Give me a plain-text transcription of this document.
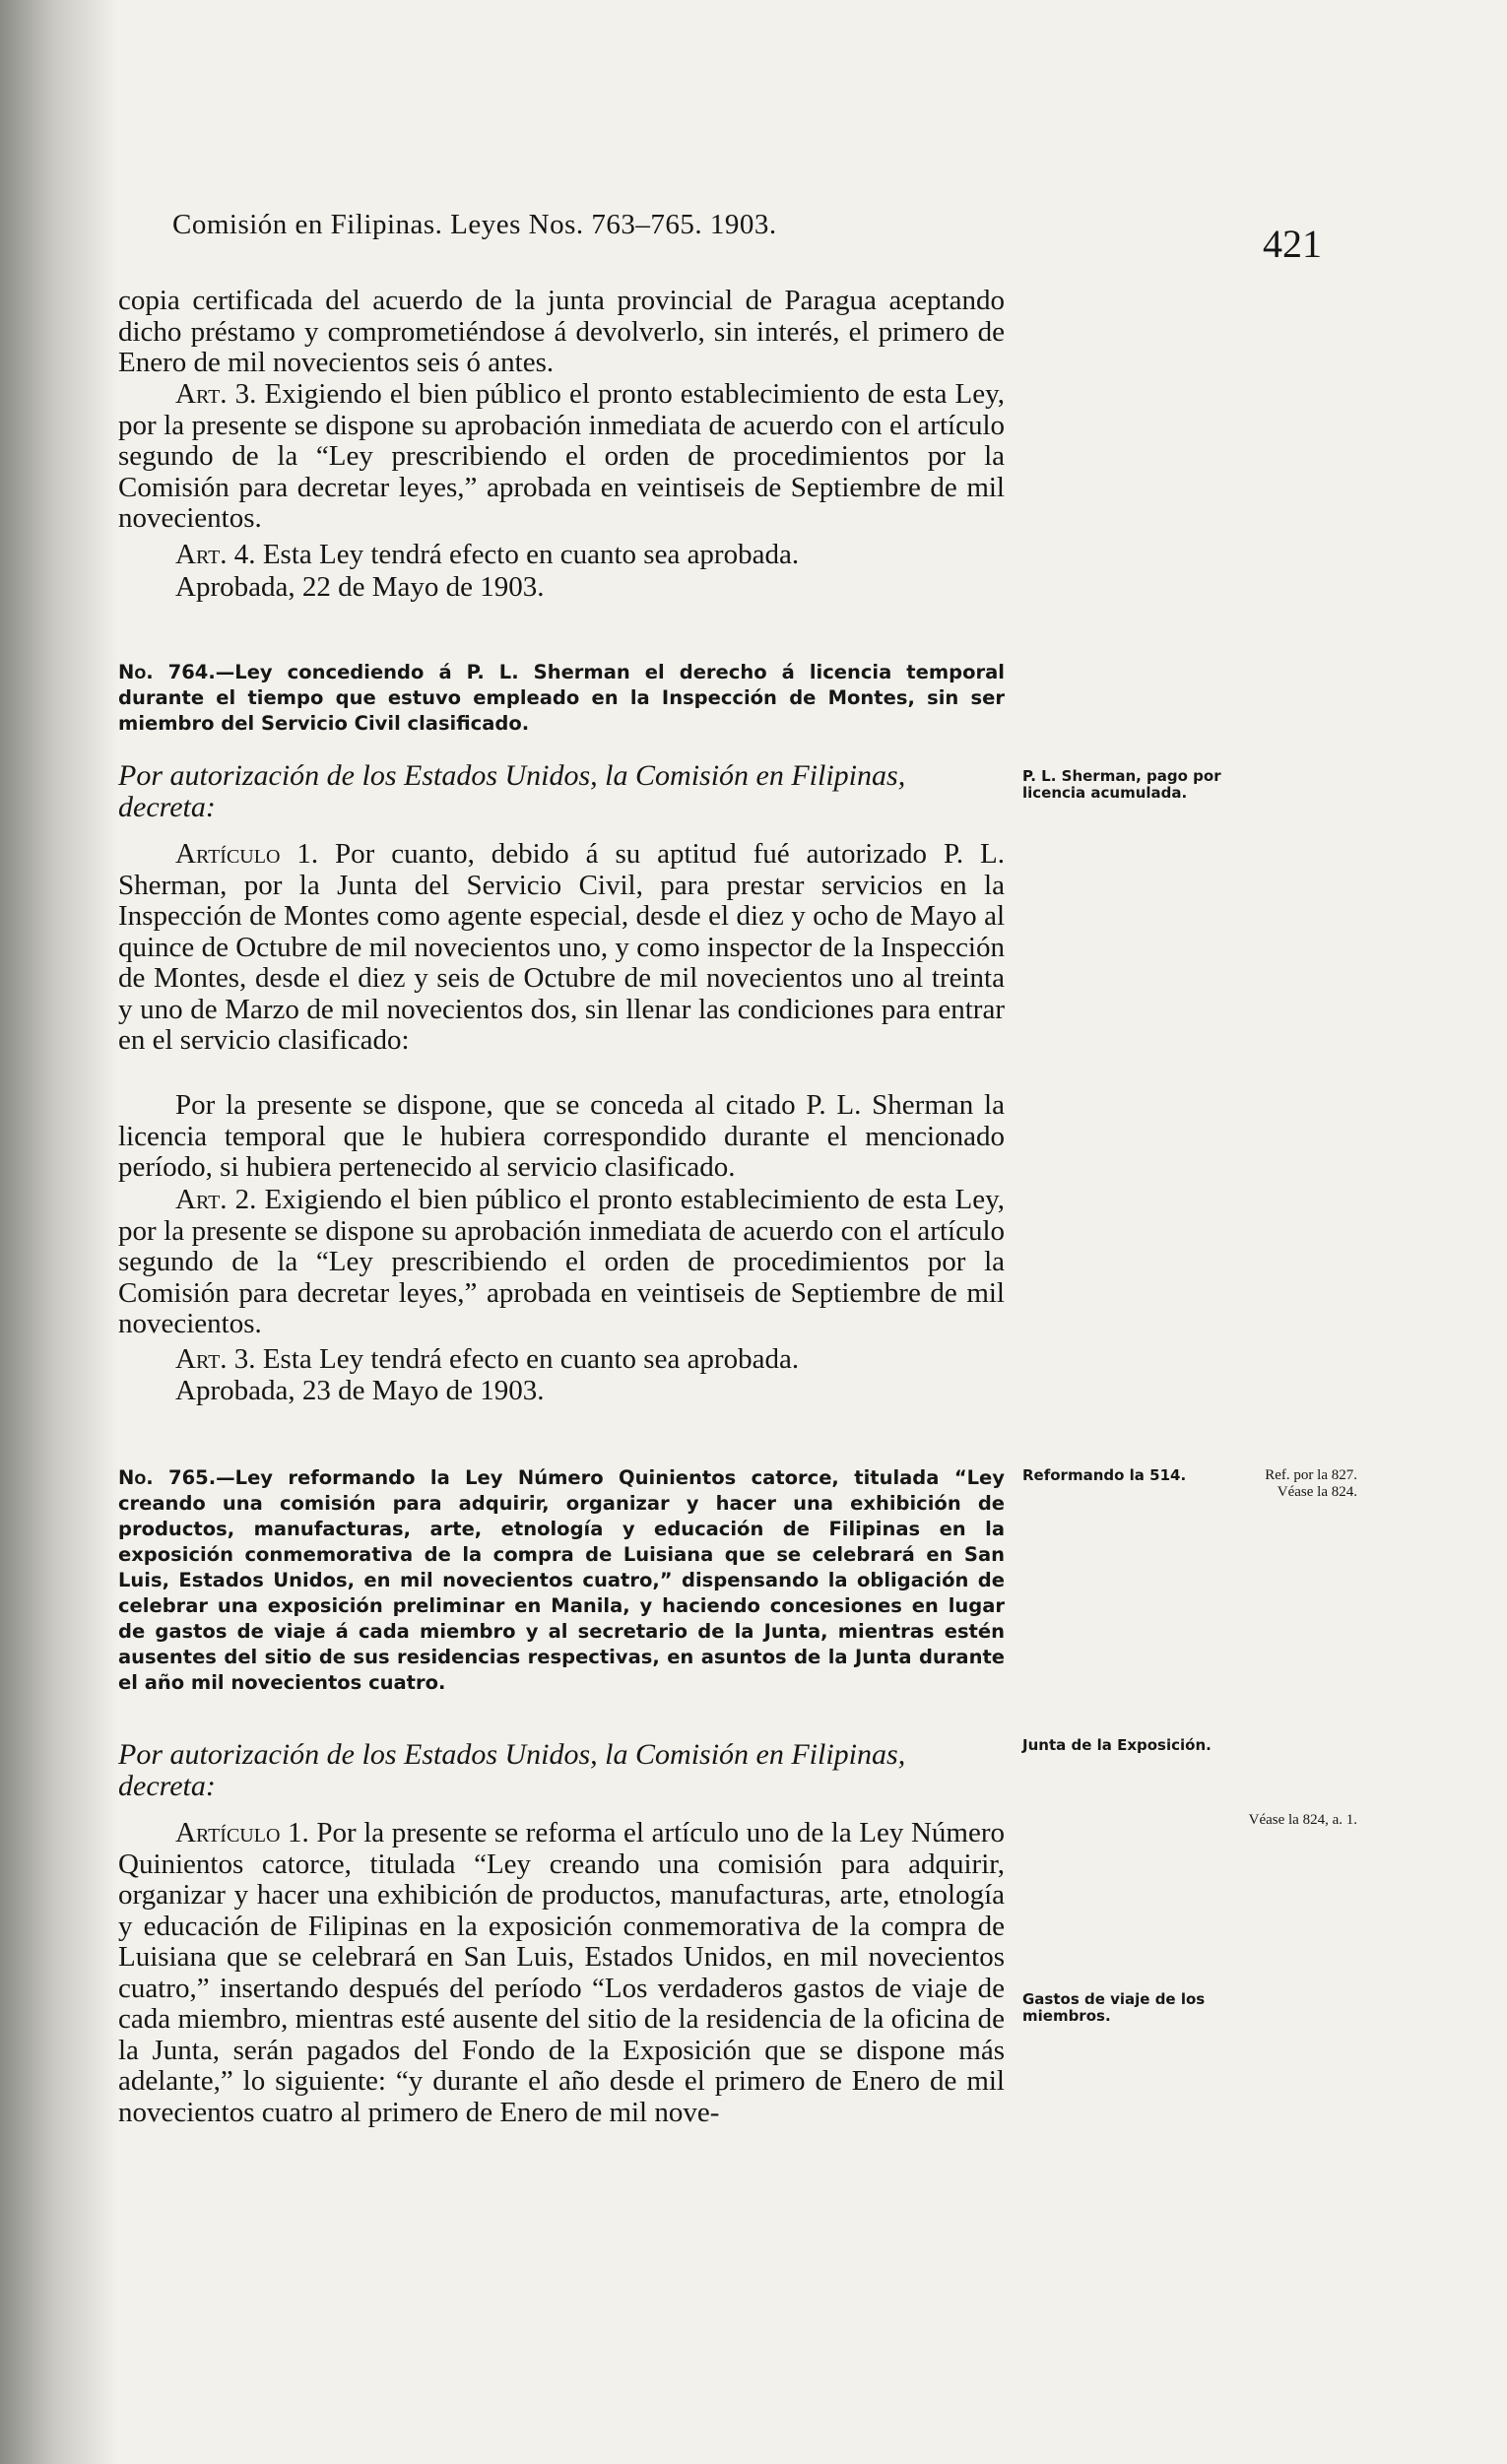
Comisión en Filipinas. Leyes Nos. 763–765. 1903.	421

copia certificada del acuerdo de la junta provincial de Paragua aceptando dicho préstamo y comprometiéndose á devolverlo, sin interés, el primero de Enero de mil novecientos seis ó antes.

Art. 3. Exigiendo el bien público el pronto establecimiento de esta Ley, por la presente se dispone su aprobación inmediata de acuerdo con el artículo segundo de la “Ley prescribiendo el orden de procedimientos por la Comisión para decretar leyes,” aprobada en veintiseis de Septiembre de mil novecientos.

Art. 4. Esta Ley tendrá efecto en cuanto sea aprobada.

Aprobada, 22 de Mayo de 1903.

No. 764.—Ley concediendo á P. L. Sherman el derecho á licencia temporal durante el tiempo que estuvo empleado en la Inspección de Montes, sin ser miembro del Servicio Civil clasificado.

Por autorización de los Estados Unidos, la Comisión en Filipinas, decreta:

P. L. Sherman, pago por licencia acumulada.

Artículo 1. Por cuanto, debido á su aptitud fué autorizado P. L. Sherman, por la Junta del Servicio Civil, para prestar servicios en la Inspección de Montes como agente especial, desde el diez y ocho de Mayo al quince de Octubre de mil novecientos uno, y como inspector de la Inspección de Montes, desde el diez y seis de Octubre de mil novecientos uno al treinta y uno de Marzo de mil novecientos dos, sin llenar las condiciones para entrar en el servicio clasificado:

Por la presente se dispone, que se conceda al citado P. L. Sherman la licencia temporal que le hubiera correspondido durante el mencionado período, si hubiera pertenecido al servicio clasificado.

Art. 2. Exigiendo el bien público el pronto establecimiento de esta Ley, por la presente se dispone su aprobación inmediata de acuerdo con el artículo segundo de la “Ley prescribiendo el orden de procedimientos por la Comisión para decretar leyes,” aprobada en veintiseis de Septiembre de mil novecientos.

Art. 3. Esta Ley tendrá efecto en cuanto sea aprobada.

Aprobada, 23 de Mayo de 1903.

No. 765.—Ley reformando la Ley Número Quinientos catorce, titulada “Ley creando una comisión para adquirir, organizar y hacer una exhibición de productos, manufacturas, arte, etnología y educación de Filipinas en la exposición conmemorativa de la compra de Luisiana que se celebrará en San Luis, Estados Unidos, en mil novecientos cuatro,” dispensando la obligación de celebrar una exposición preliminar en Manila, y haciendo concesiones en lugar de gastos de viaje á cada miembro y al secretario de la Junta, mientras estén ausentes del sitio de sus residencias respectivas, en asuntos de la Junta durante el año mil novecientos cuatro.

Reformando la 514.	Ref. por la 827. Véase la 824.

Por autorización de los Estados Unidos, la Comisión en Filipinas, decreta:

Junta de la Exposición.

Véase la 824, a. 1.

Artículo 1. Por la presente se reforma el artículo uno de la Ley Número Quinientos catorce, titulada “Ley creando una comisión para adquirir, organizar y hacer una exhibición de productos, manufacturas, arte, etnología y educación de Filipinas en la exposición conmemorativa de la compra de Luisiana que se celebrará en San Luis, Estados Unidos, en mil novecientos cuatro,” insertando después del período “Los verdaderos gastos de viaje de cada miembro, mientras esté ausente del sitio de la residencia de la oficina de la Junta, serán pagados del Fondo de la Exposición que se dispone más adelante,” lo siguiente: “y durante el año desde el primero de Enero de mil novecientos cuatro al primero de Enero de mil nove-

Gastos de viaje de los miembros.
